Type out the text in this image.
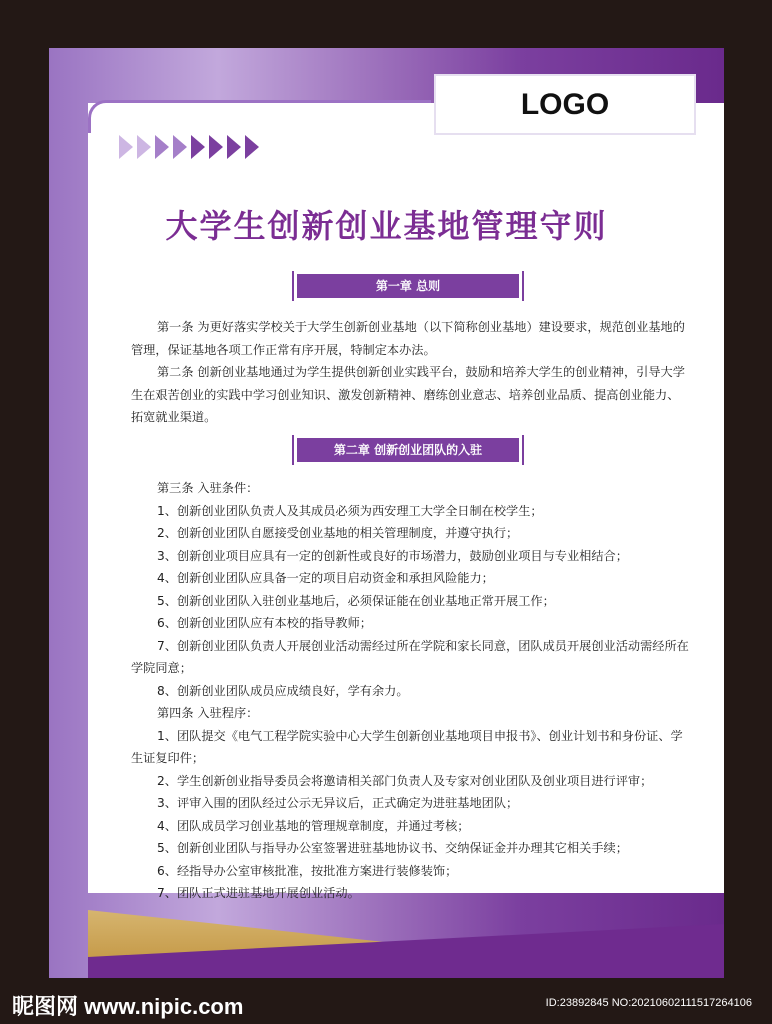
LOGO
大学生创新创业基地管理守则
第一章 总则

第一条 为更好落实学校关于大学生创新创业基地（以下简称创业基地）建设要求，规范创业基地的管理，保证基地各项工作正常有序开展，特制定本办法。

第二条 创新创业基地通过为学生提供创新创业实践平台，鼓励和培养大学生的创业精神，引导大学生在艰苦创业的实践中学习创业知识、激发创新精神、磨练创业意志、培养创业品质、提高创业能力、拓宽就业渠道。

第二章 创新创业团队的入驻

第三条 入驻条件：

1、创新创业团队负责人及其成员必须为西安理工大学全日制在校学生；

2、创新创业团队自愿接受创业基地的相关管理制度，并遵守执行；

3、创新创业项目应具有一定的创新性或良好的市场潜力，鼓励创业项目与专业相结合；

4、创新创业团队应具备一定的项目启动资金和承担风险能力；

5、创新创业团队入驻创业基地后，必须保证能在创业基地正常开展工作；

6、创新创业团队应有本校的指导教师；

7、创新创业团队负责人开展创业活动需经过所在学院和家长同意，团队成员开展创业活动需经所在学院同意；

8、创新创业团队成员应成绩良好，学有余力。

第四条 入驻程序：

1、团队提交《电气工程学院实验中心大学生创新创业基地项目申报书》、创业计划书和身份证、学生证复印件；

2、学生创新创业指导委员会将邀请相关部门负责人及专家对创业团队及创业项目进行评审；

3、评审入围的团队经过公示无异议后，正式确定为进驻基地团队；

4、团队成员学习创业基地的管理规章制度，并通过考核；

5、创新创业团队与指导办公室签署进驻基地协议书、交纳保证金并办理其它相关手续；

6、经指导办公室审核批准，按批准方案进行装修装饰；

7、团队正式进驻基地开展创业活动。

昵图网 www.nipic.com	ID:23892845 NO:20210602111517264106
